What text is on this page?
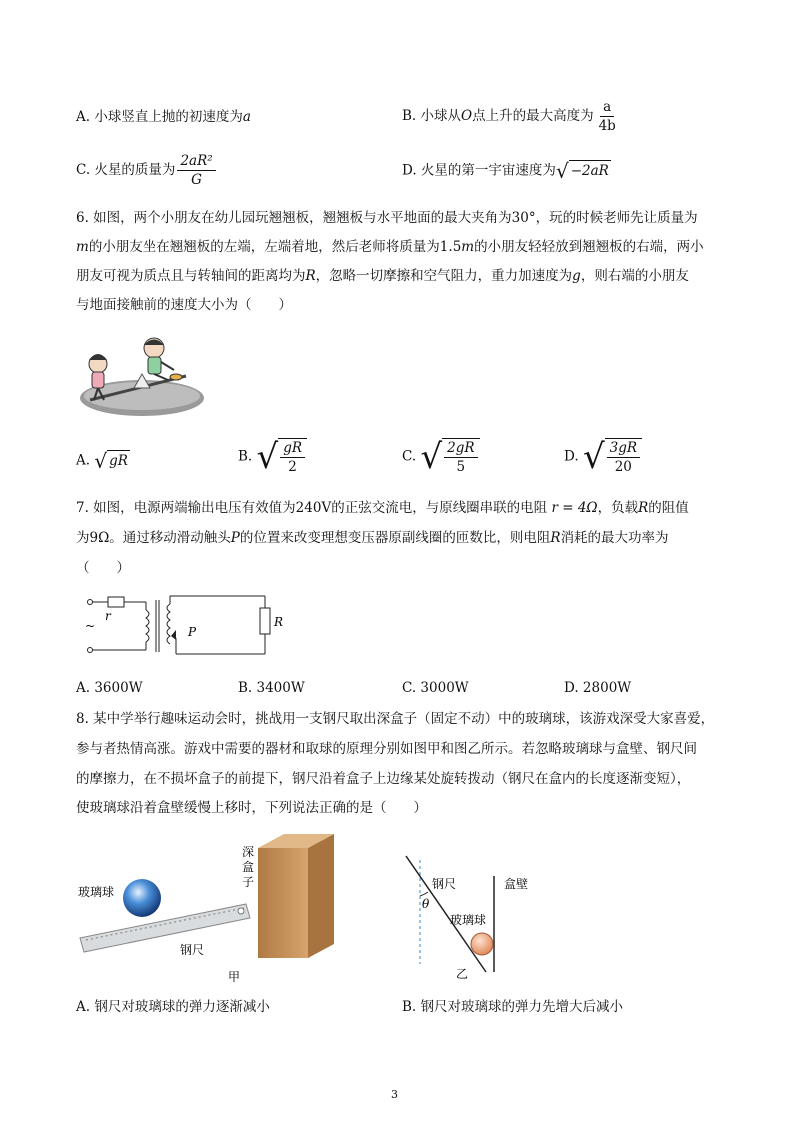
A. 小球竖直上抛的初速度为a	B. 小球从O点上升的最大高度为 $\frac{a}{4b}$
C. 火星的质量为 $\frac{\text{2aR²}}{G}$	D. 火星的第一宇宙速度为 √ −2aR
6. 如图，两个小朋友在幼儿园玩翘翘板，翘翘板与水平地面的最大夹角为30°，玩的时候老师先让质量为
m的小朋友坐在翘翘板的左端，左端着地，然后老师将质量为1.5m的小朋友轻轻放到翘翘板的右端，两小
朋友可视为质点且与转轴间的距离均为R，忽略一切摩擦和空气阻力，重力加速度为g，则右端的小朋友
与地面接触前的速度大小为（　　）
A. √ gR	B. √ $\frac{gR}{2}$	C. √ $\frac{2gR}{5}$	D. √ $\frac{3gR}{20}$
7. 如图，电源两端输出电压有效值为240V的正弦交流电，与原线圈串联的电阻 r = 4Ω，负载R的阻值
为9Ω。通过移动滑动触头P的位置来改变理想变压器原副线圈的匝数比，则电阻R消耗的最大功率为
（　　）
r
~	P
R
A. 3600W	B. 3400W	C. 3000W	D. 2800W
8. 某中学举行趣味运动会时，挑战用一支钢尺取出深盒子（固定不动）中的玻璃球，该游戏深受大家喜爱，
参与者热情高涨。游戏中需要的器材和取球的原理分别如图甲和图乙所示。若忽略玻璃球与盒壁、钢尺间
的摩擦力，在不损坏盒子的前提下，钢尺沿着盒子上边缘某处旋转拨动（钢尺在盒内的长度逐渐变短），
使玻璃球沿着盒壁缓慢上移时，下列说法正确的是（　　）
玻璃球
钢尺
深
盒
子
甲
钢尺
θ
玻璃球
盒壁
乙
A. 钢尺对玻璃球的弹力逐渐减小	B. 钢尺对玻璃球的弹力先增大后减小
3
